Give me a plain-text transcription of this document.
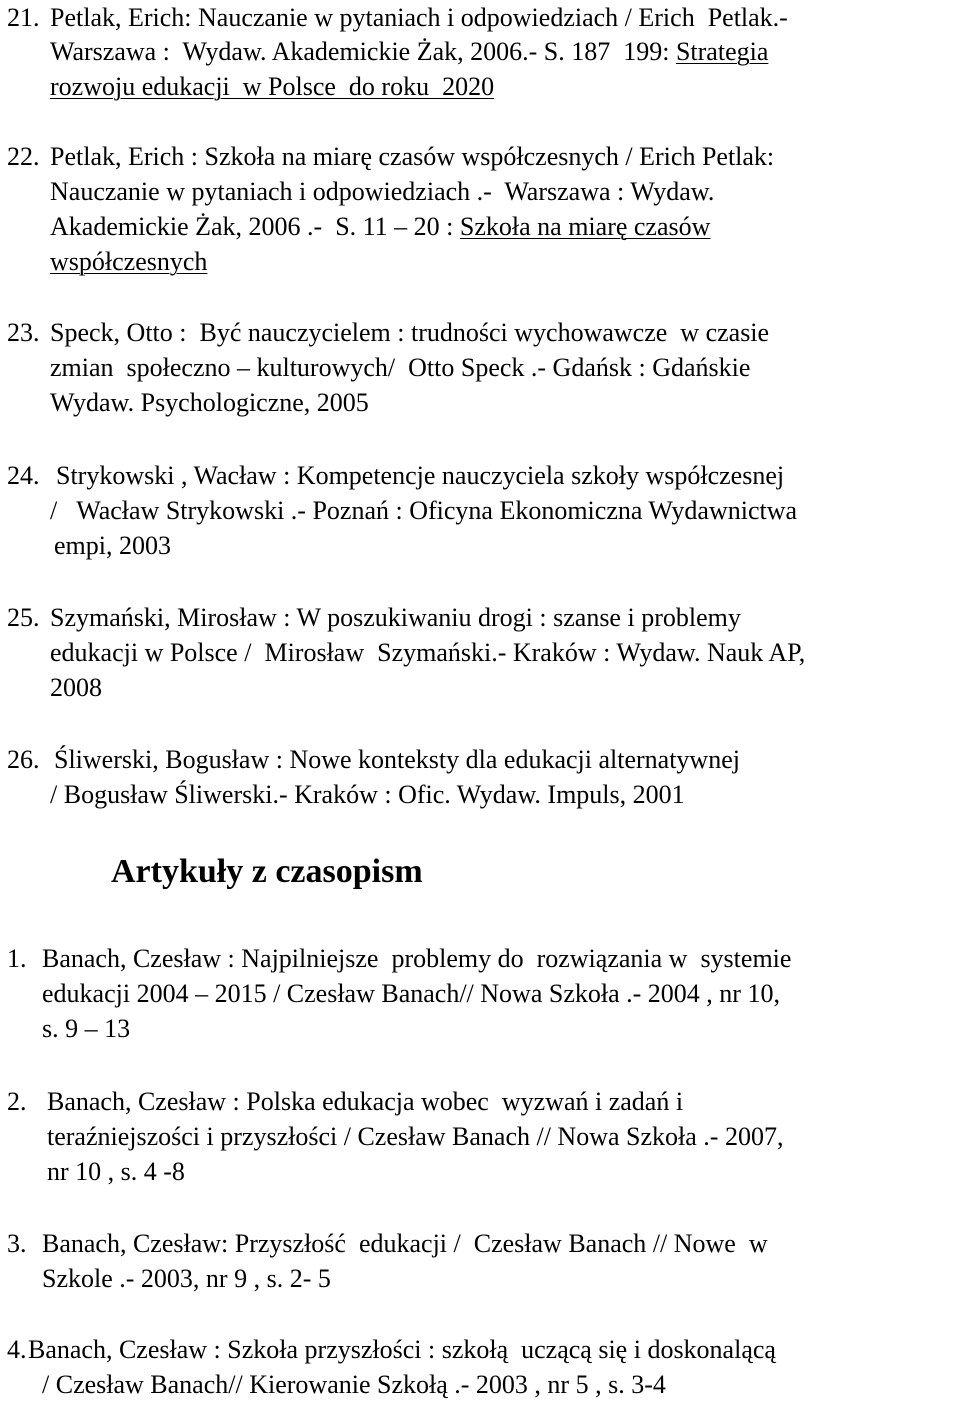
21. Petlak, Erich: Nauczanie w pytaniach i odpowiedziach / Erich  Petlak.-
Warszawa :  Wydaw. Akademickie Żak, 2006.- S. 187  199: Strategia
rozwoju edukacji  w Polsce  do roku  2020
22. Petlak, Erich : Szkoła na miarę czasów współczesnych / Erich Petlak:
Nauczanie w pytaniach i odpowiedziach .-  Warszawa : Wydaw.
Akademickie Żak, 2006 .-  S. 11 – 20 : Szkoła na miarę czasów
współczesnych
23. Speck, Otto :  Być nauczycielem : trudności wychowawcze  w czasie
zmian  społeczno – kulturowych/  Otto Speck .- Gdańsk : Gdańskie
Wydaw. Psychologiczne, 2005
24. Strykowski , Wacław : Kompetencje nauczyciela szkoły współczesnej
/   Wacław Strykowski .- Poznań : Oficyna Ekonomiczna Wydawnictwa
empi, 2003
25. Szymański, Mirosław : W poszukiwaniu drogi : szanse i problemy
edukacji w Polsce /  Mirosław  Szymański.- Kraków : Wydaw. Nauk AP,
2008
26. Śliwerski, Bogusław : Nowe konteksty dla edukacji alternatywnej
/ Bogusław Śliwerski.- Kraków : Ofic. Wydaw. Impuls, 2001
Artykuły z czasopism
1. Banach, Czesław : Najpilniejsze  problemy do  rozwiązania w  systemie
edukacji 2004 – 2015 / Czesław Banach// Nowa Szkoła .- 2004 , nr 10,
s. 9 – 13
2. Banach, Czesław : Polska edukacja wobec  wyzwań i zadań i
teraźniejszości i przyszłości / Czesław Banach // Nowa Szkoła .- 2007,
nr 10 , s. 4 -8
3. Banach, Czesław: Przyszłość  edukacji /  Czesław Banach // Nowe  w
Szkole .- 2003, nr 9 , s. 2- 5
4. Banach, Czesław : Szkoła przyszłości : szkołą  uczącą się i doskonalącą
/ Czesław Banach// Kierowanie Szkołą .- 2003 , nr 5 , s. 3-4
